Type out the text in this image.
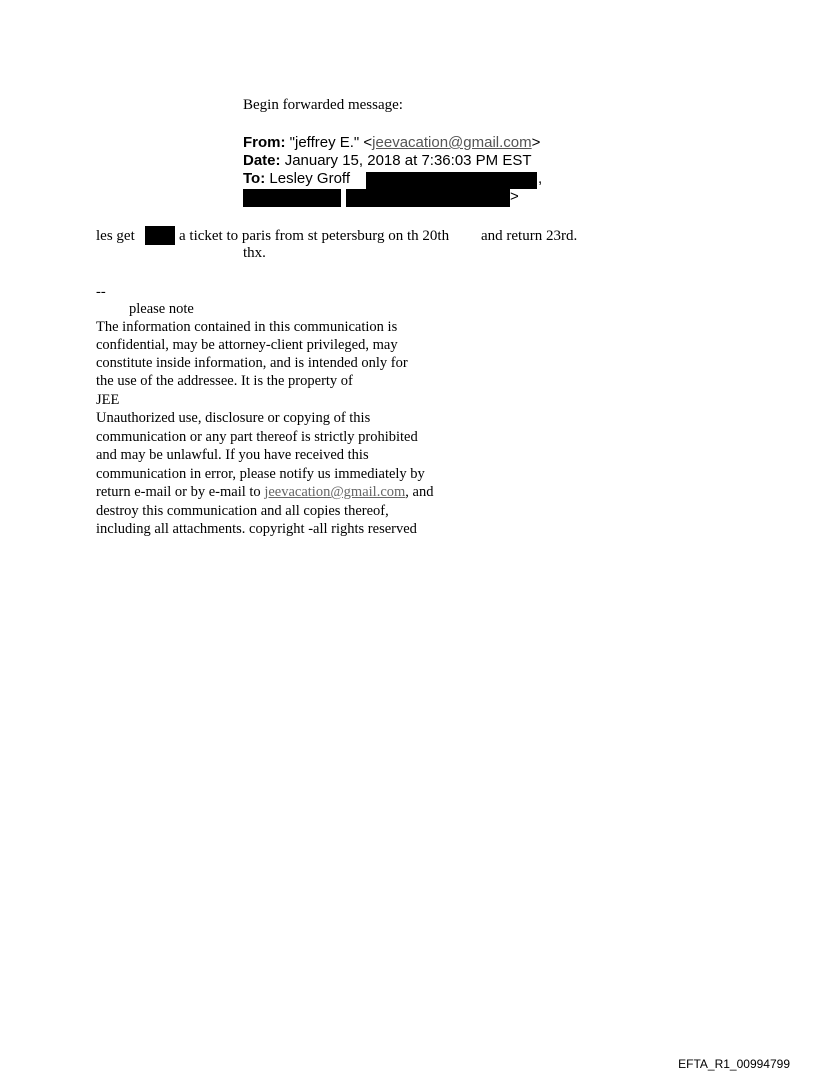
Begin forwarded message:
From: "jeffrey E." <jeevacation@gmail.com>
Date: January 15, 2018 at 7:36:03 PM EST
To: Lesley Groff	,
>
les get	a ticket to paris from st petersburg on th 20th and return 23rd.
thx.
--
please note
The information contained in this communication is
confidential, may be attorney-client privileged, may
constitute inside information, and is intended only for
the use of the addressee. It is the property of
JEE
Unauthorized use, disclosure or copying of this
communication or any part thereof is strictly prohibited
and may be unlawful. If you have received this
communication in error, please notify us immediately by
return e-mail or by e-mail to jeevacation@gmail.com, and
destroy this communication and all copies thereof,
including all attachments. copyright -all rights reserved
EFTA_R1_00994799
